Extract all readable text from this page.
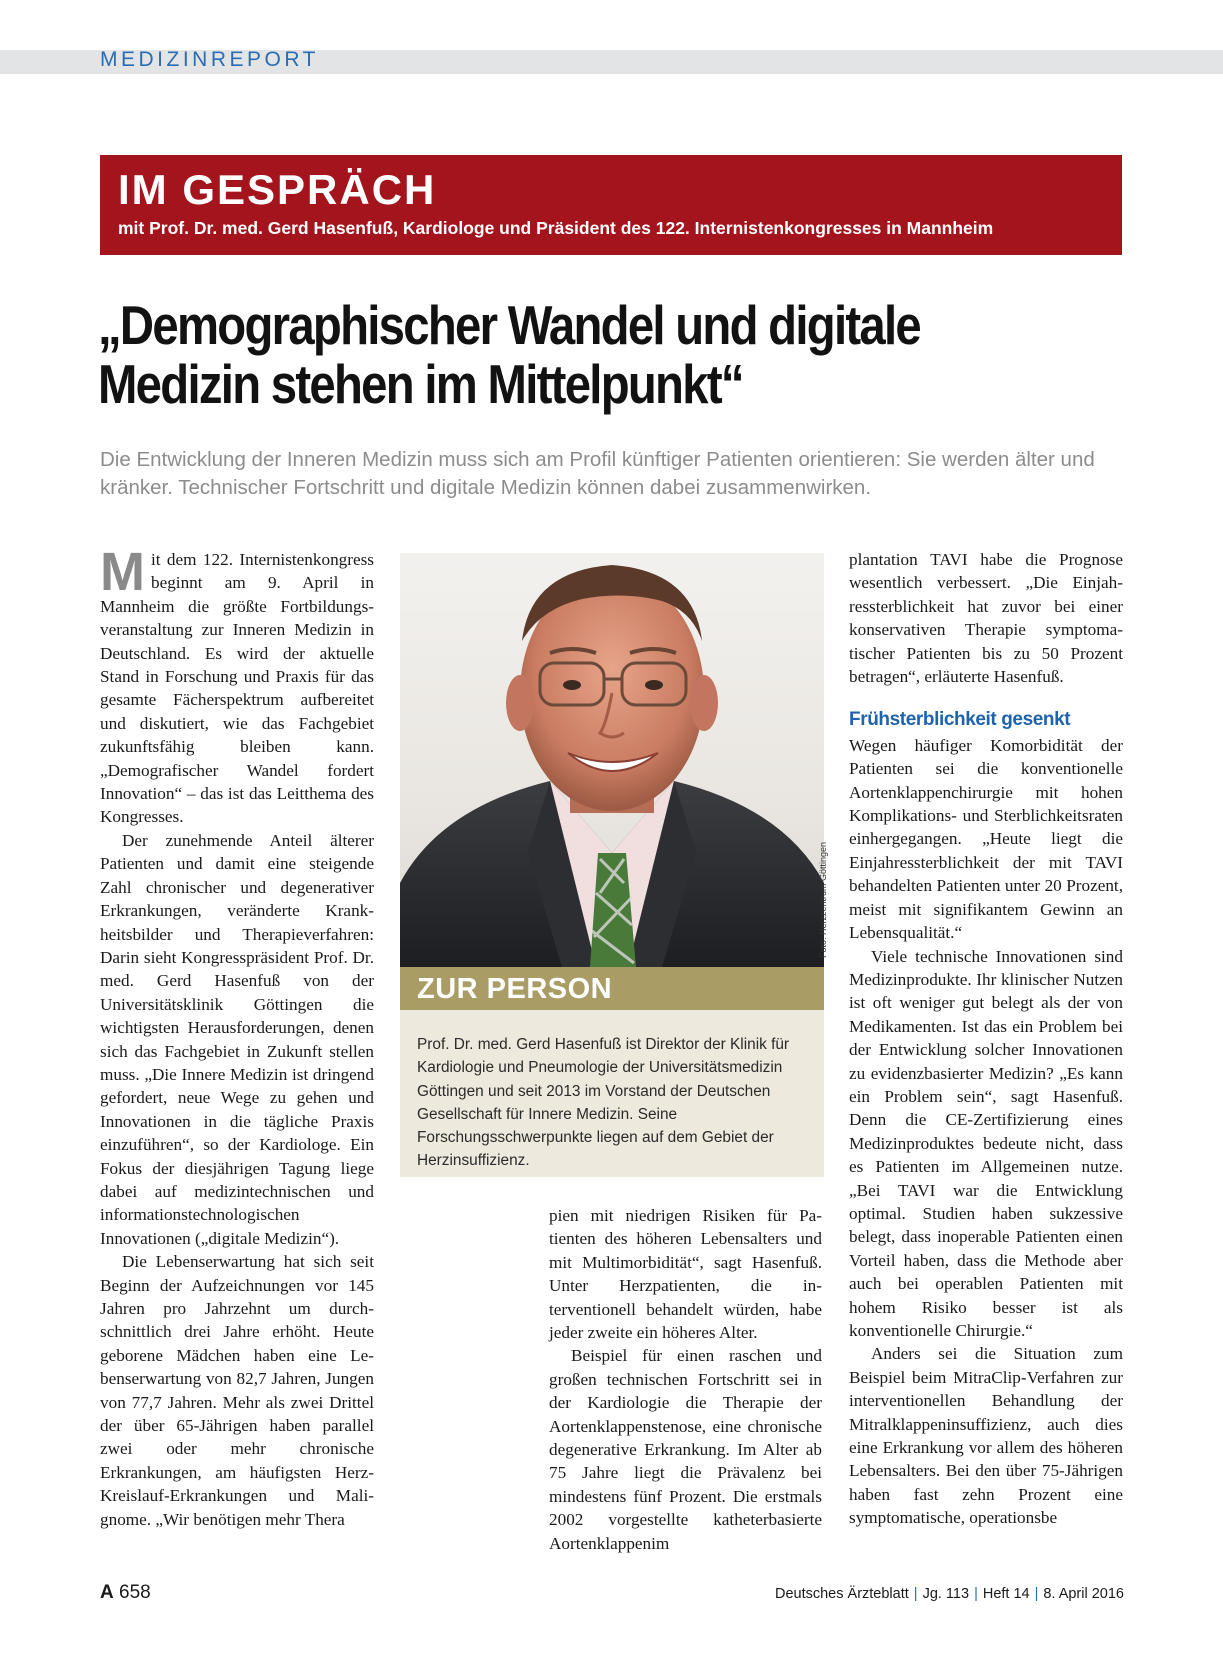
MEDIZINREPORT
IM GESPRÄCH
mit Prof. Dr. med. Gerd Hasenfuß, Kardiologe und Präsident des 122. Internistenkongresses in Mannheim
„Demographischer Wandel und digitale
Medizin stehen im Mittelpunkt“
Die Entwicklung der Inneren Medizin muss sich am Profil künftiger Patienten orientieren: Sie werden älter und kränker. Technischer Fortschritt und digitale Medizin können dabei zusammenwirken.

Mit dem 122. Internistenkongress beginnt am 9. April in Mannheim die größte Fortbildungsveranstaltung zur Inneren Medizin in Deutschland. Es wird der aktuelle Stand in Forschung und Praxis für das gesamte Fächerspektrum aufbereitet und diskutiert, wie das Fachgebiet zukunftsfähig bleiben kann. „Demografischer Wandel fordert Innovation“ – das ist das Leitthema des Kongresses.

Der zunehmende Anteil älterer Patienten und damit eine steigende Zahl chronischer und degenerativer Erkrankungen, veränderte Krankheitsbilder und Therapieverfahren: Darin sieht Kongresspräsident Prof. Dr. med. Gerd Hasenfuß von der Universitätsklinik Göttingen die wichtigsten Herausforderungen, denen sich das Fachgebiet in Zukunft stellen muss. „Die Innere Medizin ist dringend gefordert, neue Wege zu gehen und Innovationen in die tägliche Praxis einzuführen“, so der Kardiologe. Ein Fokus der diesjährigen Tagung liege dabei auf medizintechnischen und informationstechnologischen Innovationen („digitale Medizin“).

Die Lebenserwartung hat sich seit Beginn der Aufzeichnungen vor 145 Jahren pro Jahrzehnt um durchschnittlich drei Jahre erhöht. Heute geborene Mädchen haben eine Lebenserwartung von 82,7 Jahren, Jungen von 77,7 Jahren. Mehr als zwei Drittel der über 65-Jährigen haben parallel zwei oder mehr chronische Erkrankungen, am häufigsten Herz-Kreislauf-Erkrankungen und Malignome. „Wir benötigen mehr Thera

Foto: Herzzentrum Göttingen
ZUR PERSON
Prof. Dr. med. Gerd Hasenfuß ist Direktor der Klinik für Kardiologie und Pneumologie der Universitätsmedizin Göttingen und seit 2013 im Vorstand der Deutschen Gesellschaft für Innere Medizin. Seine Forschungsschwerpunkte liegen auf dem Gebiet der Herzinsuffizienz.

pien mit niedrigen Risiken für Patienten des höheren Lebensalters und mit Multimorbidität“, sagt Hasenfuß. Unter Herzpatienten, die interventionell behandelt würden, habe jeder zweite ein höheres Alter.

Beispiel für einen raschen und großen technischen Fortschritt sei in der Kardiologie die Therapie der Aortenklappenstenose, eine chronische degenerative Erkrankung. Im Alter ab 75 Jahre liegt die Prävalenz bei mindestens fünf Prozent. Die erstmals 2002 vorgestellte katheterbasierte Aortenklappenim

plantation TAVI habe die Prognose wesentlich verbessert. „Die Einjahressterblichkeit hat zuvor bei einer konservativen Therapie symptomatischer Patienten bis zu 50 Prozent betragen“, erläuterte Hasenfuß.

Frühsterblichkeit gesenkt

Wegen häufiger Komorbidität der Patienten sei die konventionelle Aortenklappenchirurgie mit hohen Komplikations- und Sterblichkeitsraten einhergegangen. „Heute liegt die Einjahressterblichkeit der mit TAVI behandelten Patienten unter 20 Prozent, meist mit signifikantem Gewinn an Lebensqualität.“

Viele technische Innovationen sind Medizinprodukte. Ihr klinischer Nutzen ist oft weniger gut belegt als der von Medikamenten. Ist das ein Problem bei der Entwicklung solcher Innovationen zu evidenzbasierter Medizin? „Es kann ein Problem sein“, sagt Hasenfuß. Denn die CE-Zertifizierung eines Medizinproduktes bedeute nicht, dass es Patienten im Allgemeinen nutze. „Bei TAVI war die Entwicklung optimal. Studien haben sukzessive belegt, dass inoperable Patienten einen Vorteil haben, dass die Methode aber auch bei operablen Patienten mit hohem Risiko besser ist als konventionelle Chirurgie.“

Anders sei die Situation zum Beispiel beim MitraClip-Verfahren zur interventionellen Behandlung der Mitralklappeninsuffizienz, auch dies eine Erkrankung vor allem des höheren Lebensalters. Bei den über 75-Jährigen haben fast zehn Prozent eine symptomatische, operationsbe

A 658	Deutsches Ärzteblatt | Jg. 113 | Heft 14 | 8. April 2016
